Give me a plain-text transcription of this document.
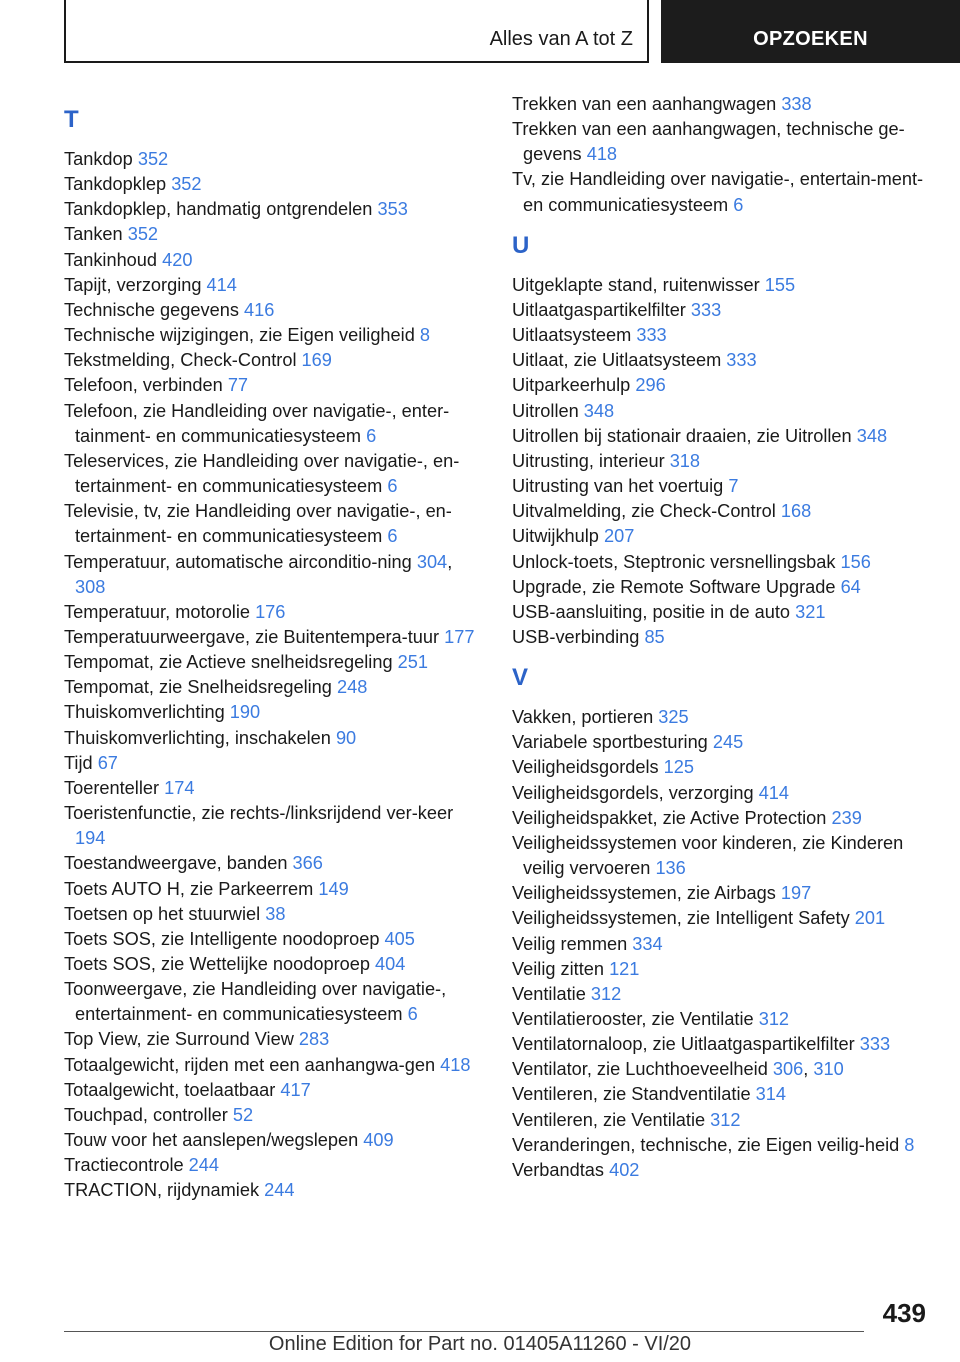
Alles van A tot Z	OPZOEKEN
T
Tankdop 352
Tankdopklep 352
Tankdopklep, handmatig ontgrendelen 353
Tanken 352
Tankinhoud 420
Tapijt, verzorging 414
Technische gegevens 416
Technische wijzigingen, zie Eigen veiligheid 8
Tekstmelding, Check-Control 169
Telefoon, verbinden 77
Telefoon, zie Handleiding over navigatie-, enter-tainment- en communicatiesysteem 6
Teleservices, zie Handleiding over navigatie-, en-tertainment- en communicatiesysteem 6
Televisie, tv, zie Handleiding over navigatie-, en-tertainment- en communicatiesysteem 6
Temperatuur, automatische airconditio-ning 304, 308
Temperatuur, motorolie 176
Temperatuurweergave, zie Buitentempera-tuur 177
Tempomat, zie Actieve snelheidsregeling 251
Tempomat, zie Snelheidsregeling 248
Thuiskomverlichting 190
Thuiskomverlichting, inschakelen 90
Tijd 67
Toerenteller 174
Toeristenfunctie, zie rechts-/linksrijdend ver-keer 194
Toestandweergave, banden 366
Toets AUTO H, zie Parkeerrem 149
Toetsen op het stuurwiel 38
Toets SOS, zie Intelligente noodoproep 405
Toets SOS, zie Wettelijke noodoproep 404
Toonweergave, zie Handleiding over navigatie-, entertainment- en communicatiesysteem 6
Top View, zie Surround View 283
Totaalgewicht, rijden met een aanhangwa-gen 418
Totaalgewicht, toelaatbaar 417
Touchpad, controller 52
Touw voor het aanslepen/wegslepen 409
Tractiecontrole 244
TRACTION, rijdynamiek 244
Trekken van een aanhangwagen 338
Trekken van een aanhangwagen, technische ge-gevens 418
Tv, zie Handleiding over navigatie-, entertain-ment- en communicatiesysteem 6
U
Uitgeklapte stand, ruitenwisser 155
Uitlaatgaspartikelfilter 333
Uitlaatsysteem 333
Uitlaat, zie Uitlaatsysteem 333
Uitparkeerhulp 296
Uitrollen 348
Uitrollen bij stationair draaien, zie Uitrollen 348
Uitrusting, interieur 318
Uitrusting van het voertuig 7
Uitvalmelding, zie Check-Control 168
Uitwijkhulp 207
Unlock-toets, Steptronic versnellingsbak 156
Upgrade, zie Remote Software Upgrade 64
USB-aansluiting, positie in de auto 321
USB-verbinding 85
V
Vakken, portieren 325
Variabele sportbesturing 245
Veiligheidsgordels 125
Veiligheidsgordels, verzorging 414
Veiligheidspakket, zie Active Protection 239
Veiligheidssystemen voor kinderen, zie Kinderen veilig vervoeren 136
Veiligheidssystemen, zie Airbags 197
Veiligheidssystemen, zie Intelligent Safety 201
Veilig remmen 334
Veilig zitten 121
Ventilatie 312
Ventilatierooster, zie Ventilatie 312
Ventilatornaloop, zie Uitlaatgaspartikelfilter 333
Ventilator, zie Luchthoeveelheid 306, 310
Ventileren, zie Standventilatie 314
Ventileren, zie Ventilatie 312
Veranderingen, technische, zie Eigen veilig-heid 8
Verbandtas 402
439
Online Edition for Part no. 01405A11260 - VI/20
